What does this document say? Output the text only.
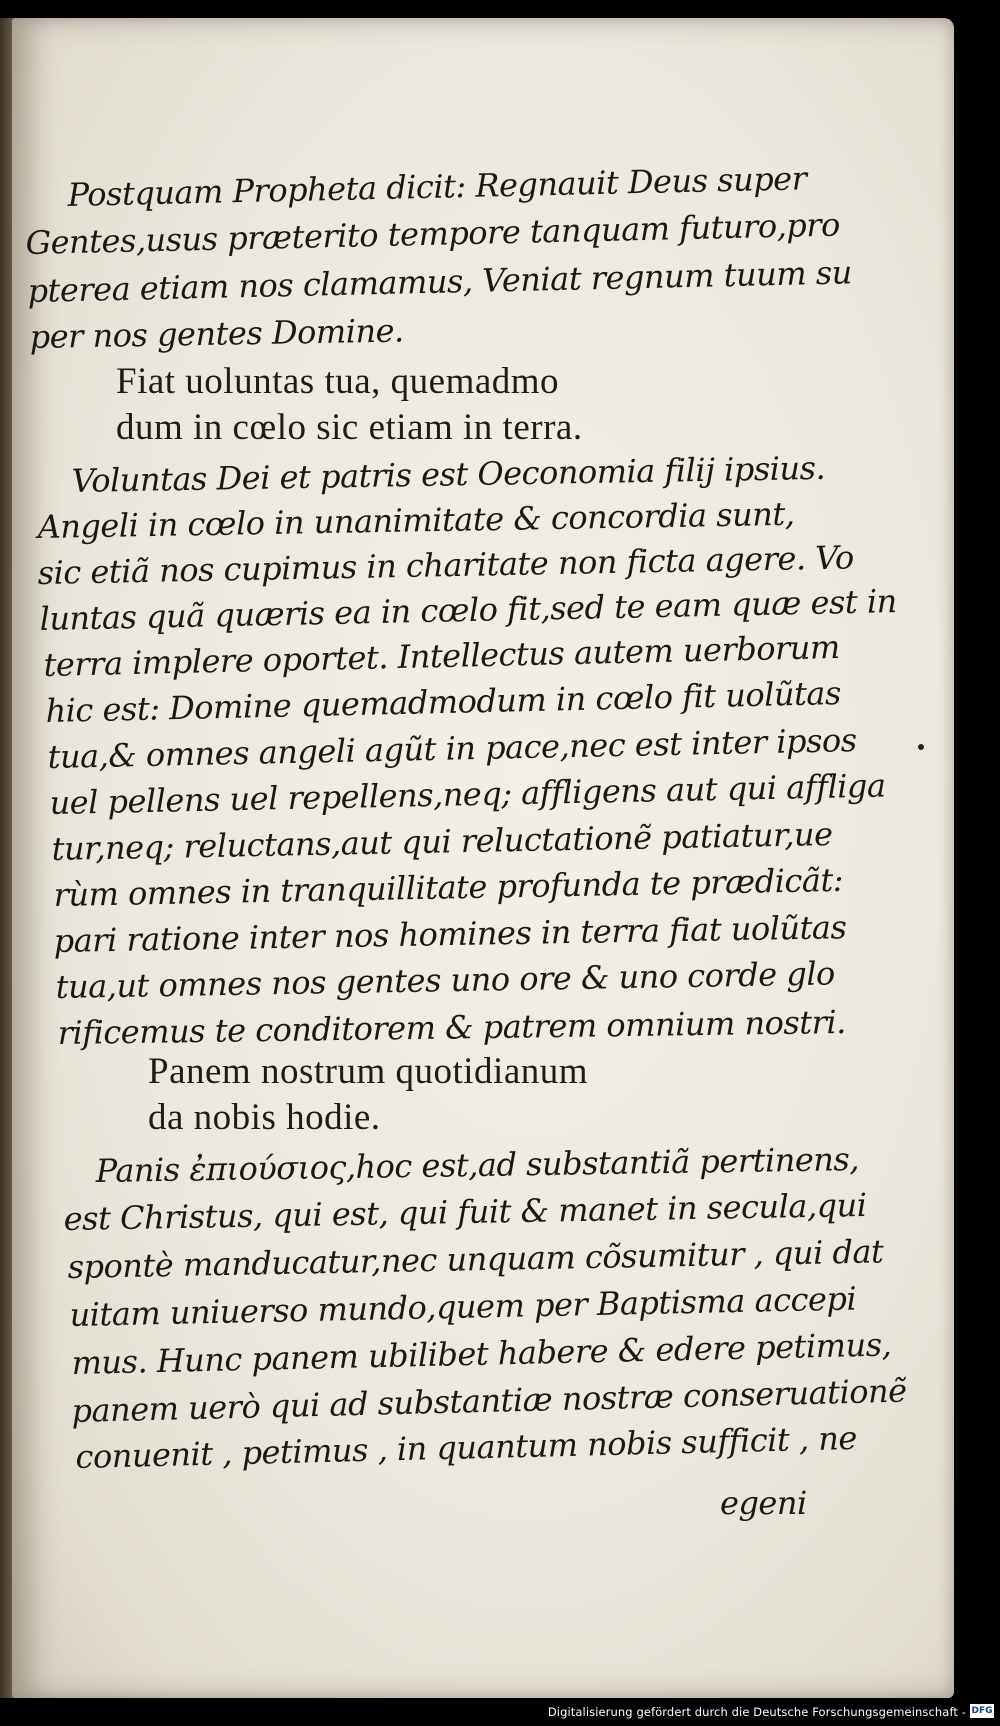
Postquam Propheta dicit: Regnauit Deus super
Gentes,usus præterito tempore tanquam futuro,pro
pterea etiam nos clamamus, Veniat regnum tuum su
per nos gentes Domine.
Fiat uoluntas tua, quemadmo
dum in cœlo sic etiam in terra.
Voluntas Dei et patris est Oeconomia filij ipsius.
Angeli in cœlo in unanimitate & concordia sunt,
sic etiã nos cupimus in charitate non ficta agere. Vo
luntas quã quæris ea in cœlo fit,sed te eam quæ est in
terra implere oportet. Intellectus autem uerborum
hic est: Domine quemadmodum in cœlo fit uolũtas
tua,& omnes angeli agũt in pace,nec est inter ipsos
uel pellens uel repellens,neq; affligens aut qui affliga
tur,neq; reluctans,aut qui reluctationẽ patiatur,ue
rùm omnes in tranquillitate profunda te prædicãt:
pari ratione inter nos homines in terra fiat uolũtas
tua,ut omnes nos gentes uno ore & uno corde glo
rificemus te conditorem & patrem omnium nostri.
Panem nostrum quotidianum
da nobis hodie.
Panis ἐπιούσιος,hoc est,ad substantiã pertinens,
est Christus, qui est, qui fuit & manet in secula,qui
spontè manducatur,nec unquam cõsumitur , qui dat
uitam uniuerso mundo,quem per Baptisma accepi
mus. Hunc panem ubilibet habere & edere petimus,
panem uerò qui ad substantiæ nostræ conseruationẽ
conuenit , petimus , in quantum nobis sufficit , ne
egeni
Digitalisierung gefördert durch die Deutsche Forschungsgemeinschaft - DFG
